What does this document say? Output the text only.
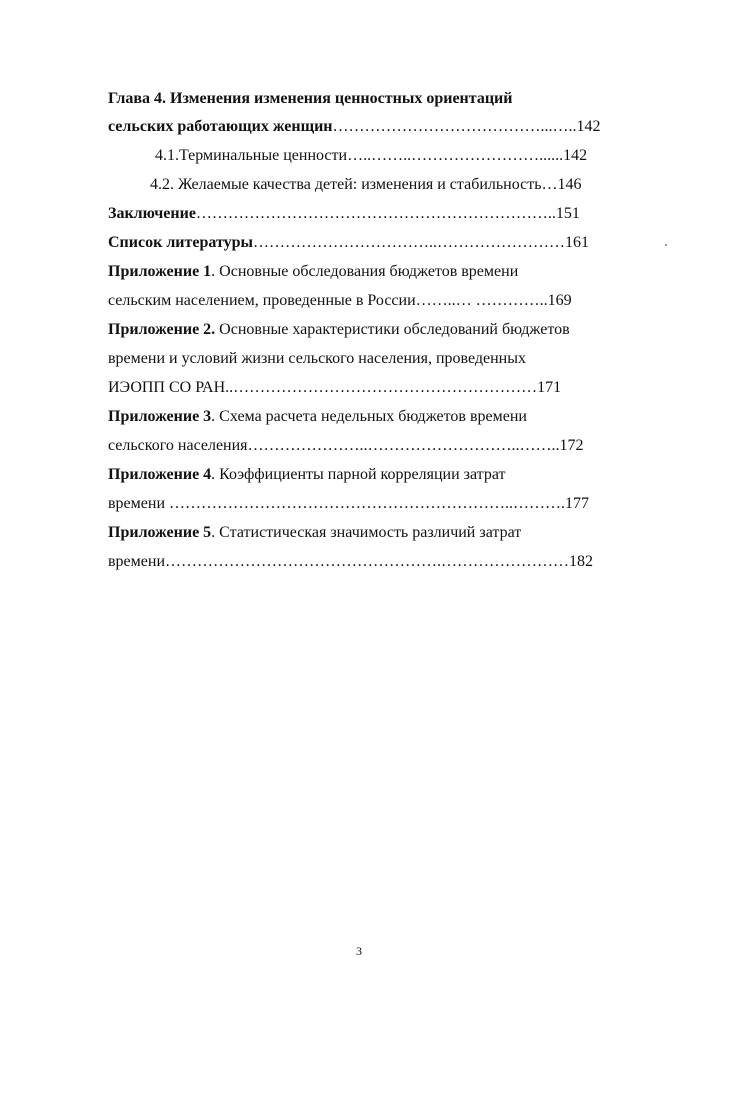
Глава 4. Изменения изменения ценностных ориентаций
сельских работающих женщин…………………………………...…..142
4.1.Терминальные ценности…..……..……………………......142
4.2. Желаемые качества детей: изменения и стабильность…146
Заключение…………………………………………………………..151
Список литературы……………………………..……………………161
Приложение 1. Основные обследования бюджетов времени
сельским населением, проведенные в России……..… …………..169
Приложение 2. Основные характеристики обследований бюджетов
времени и условий жизни сельского населения, проведенных
ИЭОПП СО РАН..…………………………………………………171
Приложение 3. Схема расчета недельных бюджетов времени
сельского населения…………………..………………………..……..172
Приложение 4. Коэффициенты парной корреляции затрат
времени ………………………………………………………..……….177
Приложение 5. Статистическая значимость различий затрат
времени…………………………………………….……………………182
3
